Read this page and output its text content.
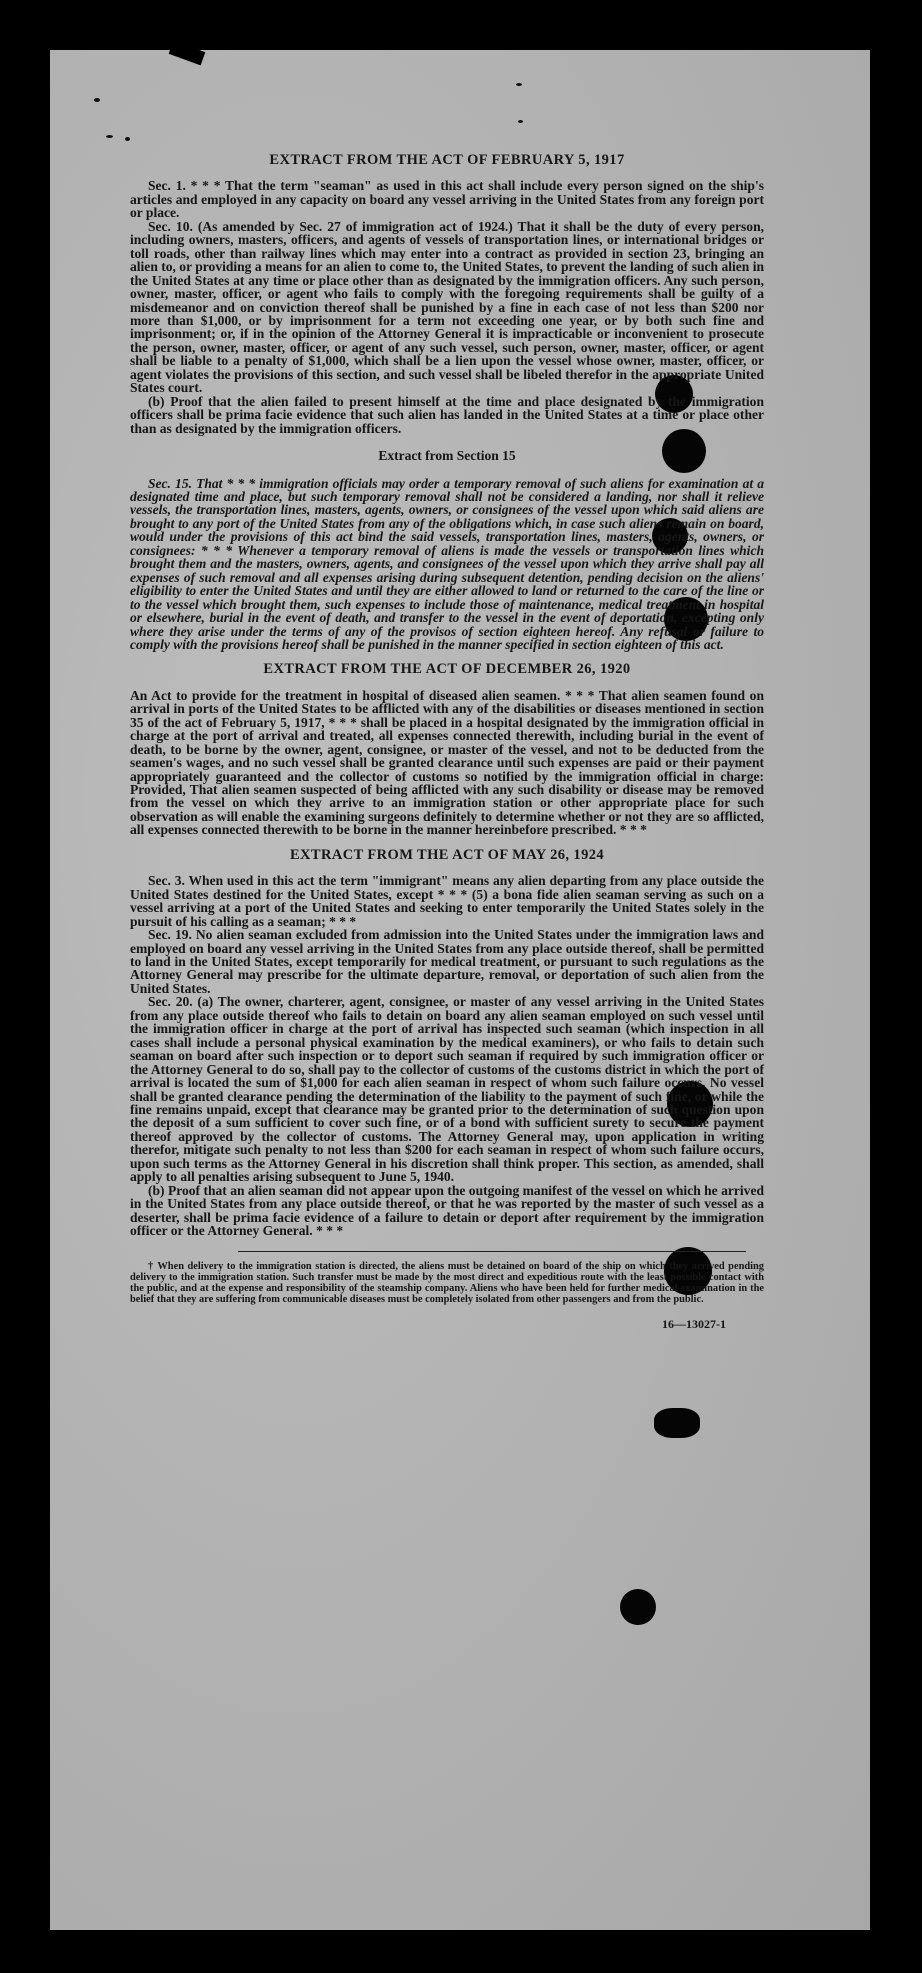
EXTRACT FROM THE ACT OF FEBRUARY 5, 1917

Sec. 1. * * * That the term "seaman" as used in this act shall include every person signed on the ship's articles and employed in any capacity on board any vessel arriving in the United States from any foreign port or place.

Sec. 10. (As amended by Sec. 27 of immigration act of 1924.) That it shall be the duty of every person, including owners, masters, officers, and agents of vessels of transportation lines, or international bridges or toll roads, other than railway lines which may enter into a contract as provided in section 23, bringing an alien to, or providing a means for an alien to come to, the United States, to prevent the landing of such alien in the United States at any time or place other than as designated by the immigration officers. Any such person, owner, master, officer, or agent who fails to comply with the foregoing requirements shall be guilty of a misdemeanor and on conviction thereof shall be punished by a fine in each case of not less than $200 nor more than $1,000, or by imprisonment for a term not exceeding one year, or by both such fine and imprisonment; or, if in the opinion of the Attorney General it is impracticable or inconvenient to prosecute the person, owner, master, officer, or agent of any such vessel, such person, owner, master, officer, or agent shall be liable to a penalty of $1,000, which shall be a lien upon the vessel whose owner, master, officer, or agent violates the provisions of this section, and such vessel shall be libeled therefor in the appropriate United States court.

(b) Proof that the alien failed to present himself at the time and place designated by the immigration officers shall be prima facie evidence that such alien has landed in the United States at a time or place other than as designated by the immigration officers.

Extract from Section 15

Sec. 15. That * * * immigration officials may order a temporary removal of such aliens for examination at a designated time and place, but such temporary removal shall not be considered a landing, nor shall it relieve vessels, the transportation lines, masters, agents, owners, or consignees of the vessel upon which said aliens are brought to any port of the United States from any of the obligations which, in case such aliens remain on board, would under the provisions of this act bind the said vessels, transportation lines, masters, agents, owners, or consignees: * * * Whenever a temporary removal of aliens is made the vessels or transportation lines which brought them and the masters, owners, agents, and consignees of the vessel upon which they arrive shall pay all expenses of such removal and all expenses arising during subsequent detention, pending decision on the aliens' eligibility to enter the United States and until they are either allowed to land or returned to the care of the line or to the vessel which brought them, such expenses to include those of maintenance, medical treatment in hospital or elsewhere, burial in the event of death, and transfer to the vessel in the event of deportation, excepting only where they arise under the terms of any of the provisos of section eighteen hereof. Any refusal or failure to comply with the provisions hereof shall be punished in the manner specified in section eighteen of this act.

EXTRACT FROM THE ACT OF DECEMBER 26, 1920

An Act to provide for the treatment in hospital of diseased alien seamen. * * * That alien seamen found on arrival in ports of the United States to be afflicted with any of the disabilities or diseases mentioned in section 35 of the act of February 5, 1917, * * * shall be placed in a hospital designated by the immigration official in charge at the port of arrival and treated, all expenses connected therewith, including burial in the event of death, to be borne by the owner, agent, consignee, or master of the vessel, and not to be deducted from the seamen's wages, and no such vessel shall be granted clearance until such expenses are paid or their payment appropriately guaranteed and the collector of customs so notified by the immigration official in charge: Provided, That alien seamen suspected of being afflicted with any such disability or disease may be removed from the vessel on which they arrive to an immigration station or other appropriate place for such observation as will enable the examining surgeons definitely to determine whether or not they are so afflicted, all expenses connected therewith to be borne in the manner hereinbefore prescribed. * * *

EXTRACT FROM THE ACT OF MAY 26, 1924

Sec. 3. When used in this act the term "immigrant" means any alien departing from any place outside the United States destined for the United States, except * * * (5) a bona fide alien seaman serving as such on a vessel arriving at a port of the United States and seeking to enter temporarily the United States solely in the pursuit of his calling as a seaman; * * *

Sec. 19. No alien seaman excluded from admission into the United States under the immigration laws and employed on board any vessel arriving in the United States from any place outside thereof, shall be permitted to land in the United States, except temporarily for medical treatment, or pursuant to such regulations as the Attorney General may prescribe for the ultimate departure, removal, or deportation of such alien from the United States.

Sec. 20. (a) The owner, charterer, agent, consignee, or master of any vessel arriving in the United States from any place outside thereof who fails to detain on board any alien seaman employed on such vessel until the immigration officer in charge at the port of arrival has inspected such seaman (which inspection in all cases shall include a personal physical examination by the medical examiners), or who fails to detain such seaman on board after such inspection or to deport such seaman if required by such immigration officer or the Attorney General to do so, shall pay to the collector of customs of the customs district in which the port of arrival is located the sum of $1,000 for each alien seaman in respect of whom such failure occurs. No vessel shall be granted clearance pending the determination of the liability to the payment of such fine, or while the fine remains unpaid, except that clearance may be granted prior to the determination of such question upon the deposit of a sum sufficient to cover such fine, or of a bond with sufficient surety to secure the payment thereof approved by the collector of customs. The Attorney General may, upon application in writing therefor, mitigate such penalty to not less than $200 for each seaman in respect of whom such failure occurs, upon such terms as the Attorney General in his discretion shall think proper. This section, as amended, shall apply to all penalties arising subsequent to June 5, 1940.

(b) Proof that an alien seaman did not appear upon the outgoing manifest of the vessel on which he arrived in the United States from any place outside thereof, or that he was reported by the master of such vessel as a deserter, shall be prima facie evidence of a failure to detain or deport after requirement by the immigration officer or the Attorney General. * * *

† When delivery to the immigration station is directed, the aliens must be detained on board of the ship on which they arrived pending delivery to the immigration station. Such transfer must be made by the most direct and expeditious route with the least possible contact with the public, and at the expense and responsibility of the steamship company. Aliens who have been held for further medical examination in the belief that they are suffering from communicable diseases must be completely isolated from other passengers and from the public.

16—13027-1
